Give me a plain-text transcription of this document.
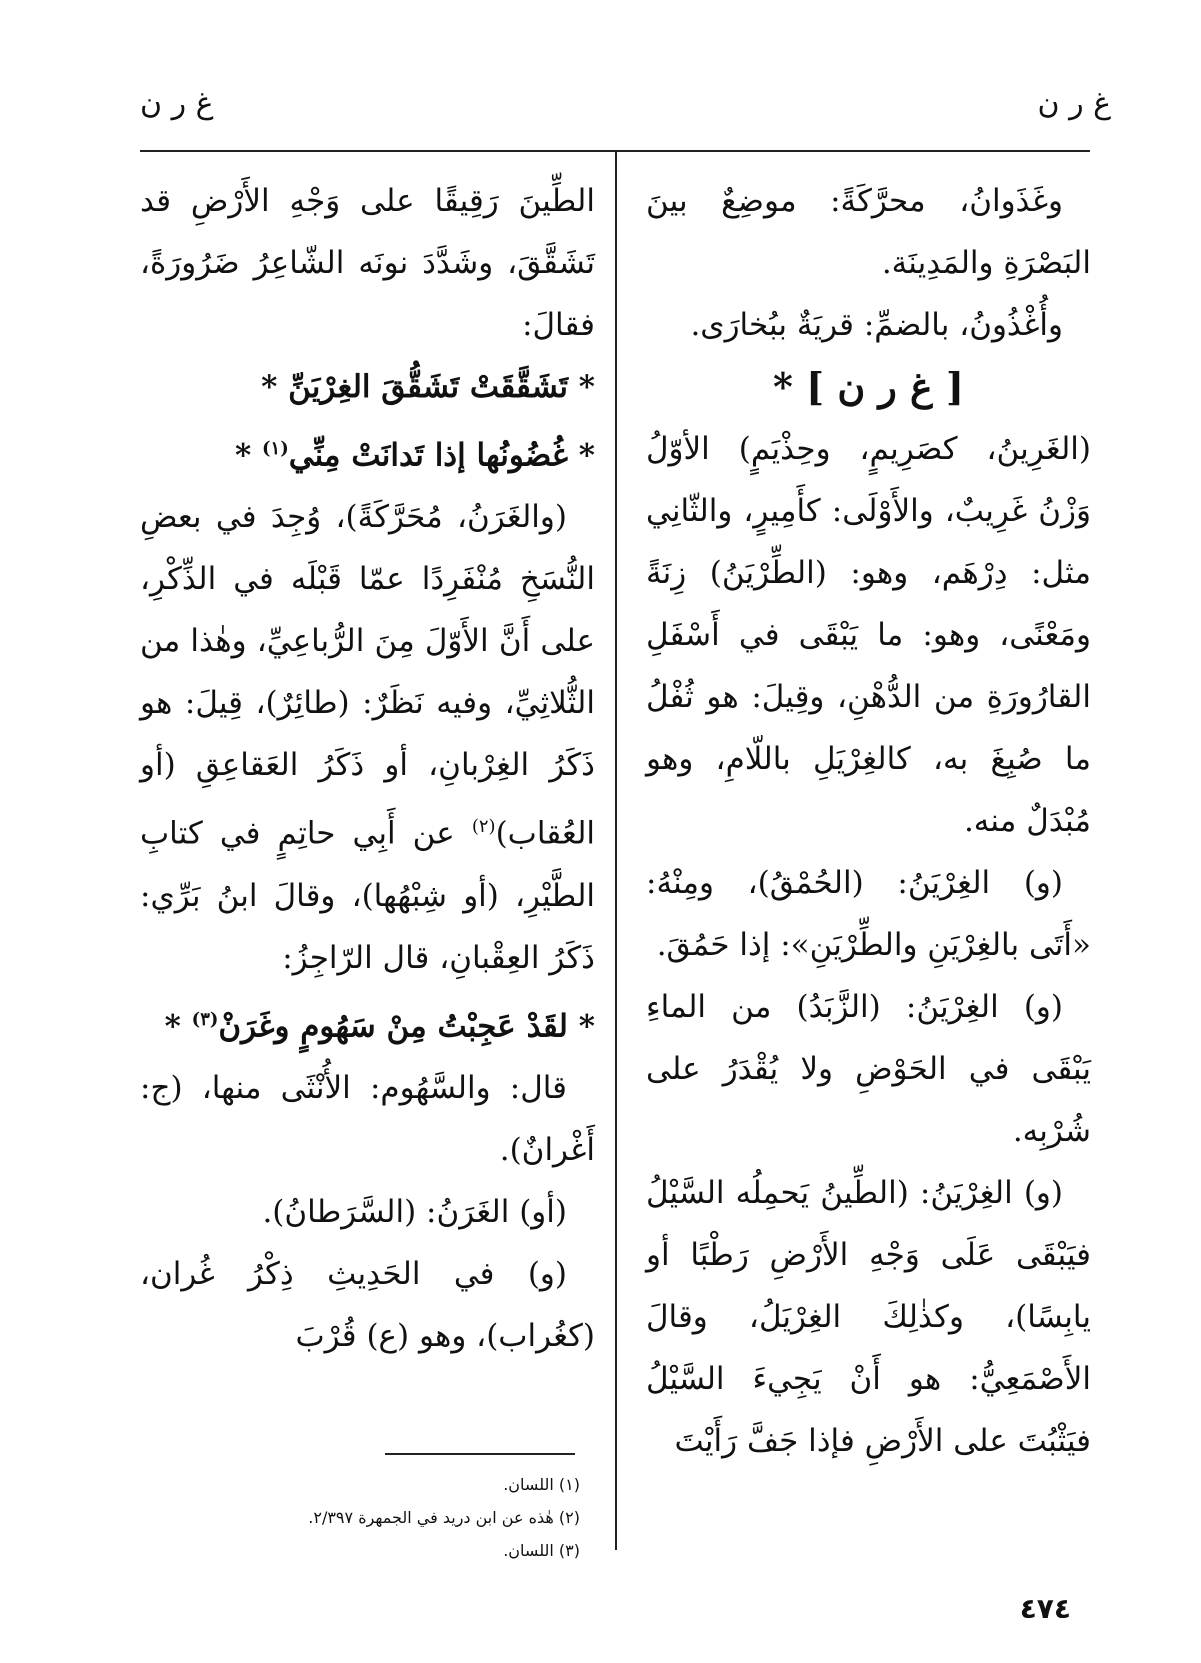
غ ر ن
غ ر ن

وغَذَوانُ، محرَّكَةً: موضِعٌ بينَ البَصْرَةِ والمَدِينَة.

وأُغْذُونُ، بالضمِّ: قريَةٌ ببُخارَى.

[ غ ر ن ] *

(الغَرِينُ، كصَرِيمٍ، وحِذْيَمٍ) الأوّلُ وَزْنُ غَرِيبٌ، والأَوْلَى: كأَمِيرٍ، والثّانِي مثل: دِرْهَم، وهو: (الطِّرْيَنُ) زِنَةً ومَعْنًى، وهو: ما يَبْقَى في أَسْفَلِ القارُورَةِ من الدُّهْنِ، وقِيلَ: هو ثُفْلُ ما صُبِغَ به، كالغِرْيَلِ باللّامِ، وهو مُبْدَلٌ منه.

(و) الغِرْيَنُ: (الحُمْقُ)، ومِنْهُ: «أَتَى بالغِرْيَنِ والطِّرْيَنِ»: إذا حَمُقَ.

(و) الغِرْيَنُ: (الزَّبَدُ) من الماءِ يَبْقَى في الحَوْضِ ولا يُقْدَرُ على شُرْبِه.

(و) الغِرْيَنُ: (الطِّينُ يَحمِلُه السَّيْلُ فيَبْقَى عَلَى وَجْهِ الأَرْضِ رَطْبًا أو يابِسًا)، وكذٰلِكَ الغِرْيَلُ، وقالَ الأَصْمَعِيُّ: هو أَنْ يَجِيءَ السَّيْلُ فيَثْبُتَ على الأَرْضِ فإذا جَفَّ رَأَيْتَ

الطِّينَ رَقِيقًا على وَجْهِ الأَرْضِ قد تَشَقَّقَ، وشَدَّدَ نونَه الشّاعِرُ ضَرُورَةً، فقالَ:

* تَشَقَّقَتْ تَشَقُّقَ الغِرْيَنِّ *

* غُضُونُها إذا تَدانَتْ مِنِّي$^{(١)}$ *

(والغَرَنُ، مُحَرَّكَةً)، وُجِدَ في بعضِ النُّسَخِ مُنْفَرِدًا عمّا قَبْلَه في الذِّكْرِ، على أَنَّ الأَوّلَ مِنَ الرُّباعِيِّ، وهٰذا من الثُّلاثِيِّ، وفيه نَظَرٌ: (طائِرٌ)، قِيلَ: هو ذَكَرُ الغِرْبانِ، أو ذَكَرُ العَقاعِقِ (أو العُقاب)$^{(٢)}$ عن أَبِي حاتِمٍ في كتابِ الطَّيْرِ، (أو شِبْهُها)، وقالَ ابنُ بَرِّي: ذَكَرُ العِقْبانِ، قال الرّاجِزُ:

* لقَدْ عَجِبْتُ مِنْ سَهُومٍ وغَرَنْ$^{(٣)}$ *

قال: والسَّهُوم: الأُنْثَى منها، (ج: أَغْرانٌ).

(أو) الغَرَنُ: (السَّرَطانُ).

(و) في الحَدِيثِ ذِكْرُ غُران، (كغُراب)، وهو (ع) قُرْبَ

(١) اللسان.
(٢) هٰذه عن ابن دريد في الجمهرة ٢/٣٩٧.
(٣) اللسان.
٤٧٤
